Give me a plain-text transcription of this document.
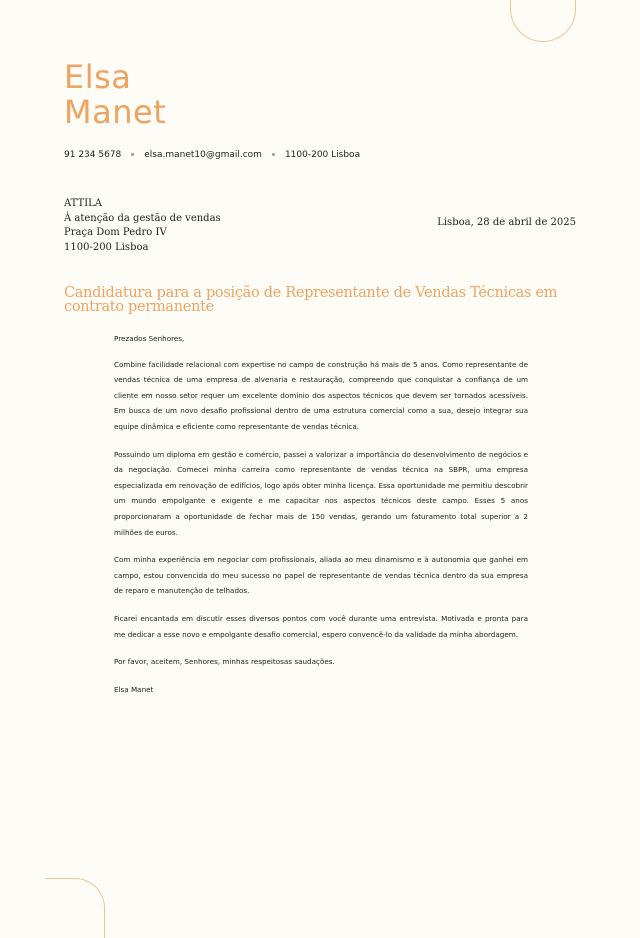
Elsa
Manet
91 234 5678	elsa.manet10@gmail.com	1100-200 Lisboa
ATTILA
À atenção da gestão de vendas
Praça Dom Pedro IV
1100-200 Lisboa
Lisboa, 28 de abril de 2025
Candidatura para a posição de Representante de Vendas Técnicas em contrato permanente

Prezados Senhores,

Combine facilidade relacional com expertise no campo de construção há mais de 5 anos. Como representante de vendas técnica de uma empresa de alvenaria e restauração, compreendo que conquistar a confiança de um cliente em nosso setor requer um excelente domínio dos aspectos técnicos que devem ser tornados acessíveis. Em busca de um novo desafio profissional dentro de uma estrutura comercial como a sua, desejo integrar sua equipe dinâmica e eficiente como representante de vendas técnica.

Possuindo um diploma em gestão e comércio, passei a valorizar a importância do desenvolvimento de negócios e da negociação. Comecei minha carreira como representante de vendas técnica na SBPR, uma empresa especializada em renovação de edifícios, logo após obter minha licença. Essa oportunidade me permitiu descobrir um mundo empolgante e exigente e me capacitar nos aspectos técnicos deste campo. Esses 5 anos proporcionaram a oportunidade de fechar mais de 150 vendas, gerando um faturamento total superior a 2 milhões de euros.

Com minha experiência em negociar com profissionais, aliada ao meu dinamismo e à autonomia que ganhei em campo, estou convencida do meu sucesso no papel de representante de vendas técnica dentro da sua empresa de reparo e manutenção de telhados.

Ficarei encantada em discutir esses diversos pontos com você durante uma entrevista. Motivada e pronta para me dedicar a esse novo e empolgante desafio comercial, espero convencê-lo da validade da minha abordagem.

Por favor, aceitem, Senhores, minhas respeitosas saudações.

Elsa Manet
